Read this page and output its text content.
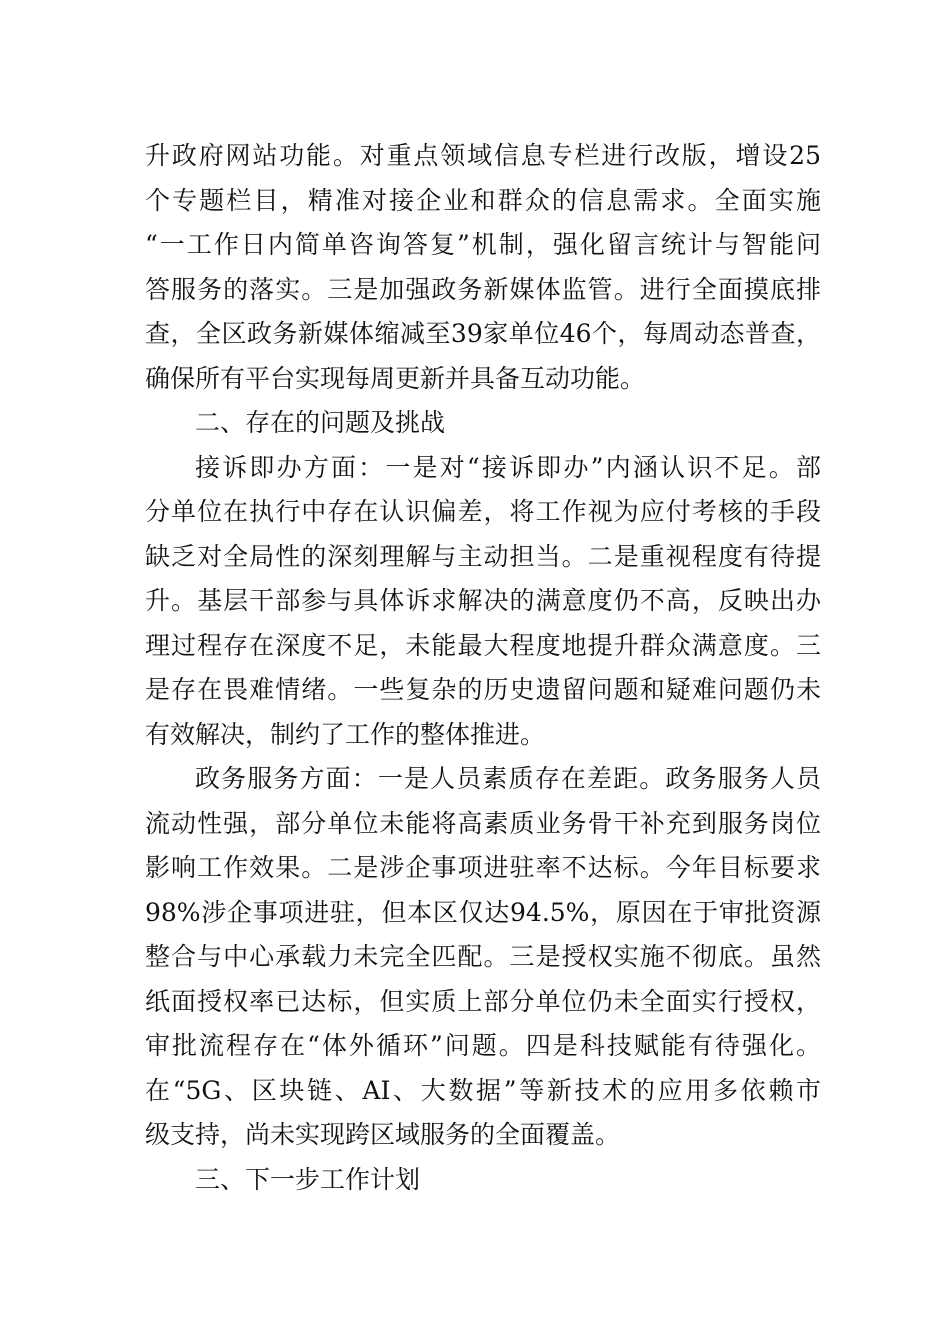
升政府网站功能。对重点领域信息专栏进行改版，增设25
个专题栏目，精准对接企业和群众的信息需求。全面实施
“一工作日内简单咨询答复”机制，强化留言统计与智能问
答服务的落实。三是加强政务新媒体监管。进行全面摸底排
查，全区政务新媒体缩减至39家单位46个，每周动态普查，
确保所有平台实现每周更新并具备互动功能。
二、存在的问题及挑战
接诉即办方面：一是对“接诉即办”内涵认识不足。部
分单位在执行中存在认识偏差，将工作视为应付考核的手段
缺乏对全局性的深刻理解与主动担当。二是重视程度有待提
升。基层干部参与具体诉求解决的满意度仍不高，反映出办
理过程存在深度不足，未能最大程度地提升群众满意度。三
是存在畏难情绪。一些复杂的历史遗留问题和疑难问题仍未
有效解决，制约了工作的整体推进。
政务服务方面：一是人员素质存在差距。政务服务人员
流动性强，部分单位未能将高素质业务骨干补充到服务岗位
影响工作效果。二是涉企事项进驻率不达标。今年目标要求
98%涉企事项进驻，但本区仅达94.5%，原因在于审批资源
整合与中心承载力未完全匹配。三是授权实施不彻底。虽然
纸面授权率已达标，但实质上部分单位仍未全面实行授权，
审批流程存在“体外循环”问题。四是科技赋能有待强化。
在“5G、区块链、AI、大数据”等新技术的应用多依赖市
级支持，尚未实现跨区域服务的全面覆盖。
三、下一步工作计划
